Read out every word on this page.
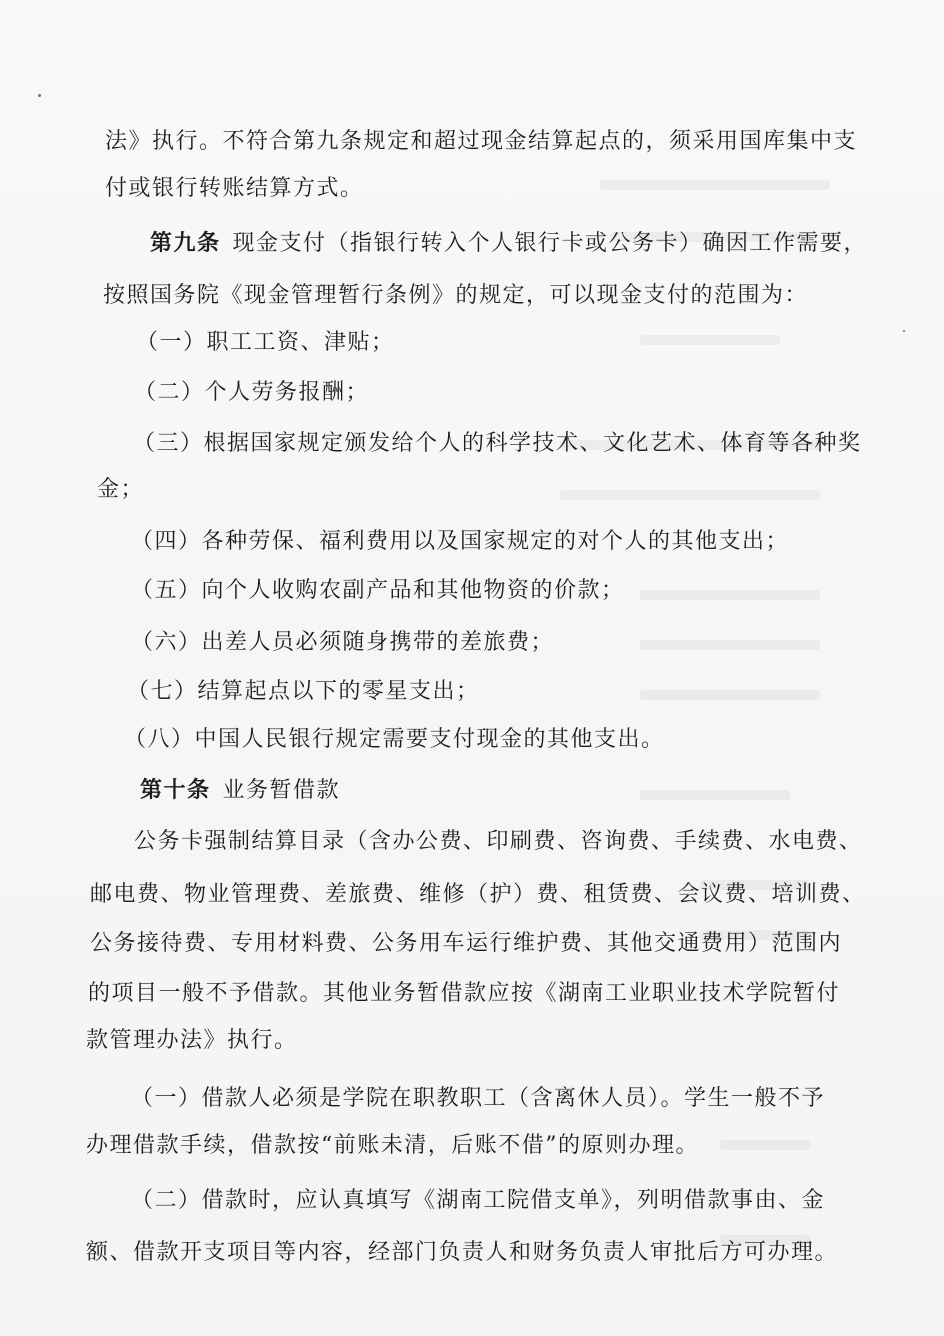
法》执行。不符合第九条规定和超过现金结算起点的，须采用国库集中支
付或银行转账结算方式。
第九条 现金支付（指银行转入个人银行卡或公务卡）确因工作需要，
按照国务院《现金管理暂行条例》的规定，可以现金支付的范围为：
（一）职工工资、津贴；
（二）个人劳务报酬；
（三）根据国家规定颁发给个人的科学技术、文化艺术、体育等各种奖
金；
（四）各种劳保、福利费用以及国家规定的对个人的其他支出；
（五）向个人收购农副产品和其他物资的价款；
（六）出差人员必须随身携带的差旅费；
（七）结算起点以下的零星支出；
（八）中国人民银行规定需要支付现金的其他支出。
第十条 业务暂借款
公务卡强制结算目录（含办公费、印刷费、咨询费、手续费、水电费、
邮电费、物业管理费、差旅费、维修（护）费、租赁费、会议费、培训费、
公务接待费、专用材料费、公务用车运行维护费、其他交通费用）范围内
的项目一般不予借款。其他业务暂借款应按《湖南工业职业技术学院暂付
款管理办法》执行。
（一）借款人必须是学院在职教职工（含离休人员）。学生一般不予
办理借款手续，借款按“前账未清，后账不借”的原则办理。
（二）借款时，应认真填写《湖南工院借支单》，列明借款事由、金
额、借款开支项目等内容，经部门负责人和财务负责人审批后方可办理。
